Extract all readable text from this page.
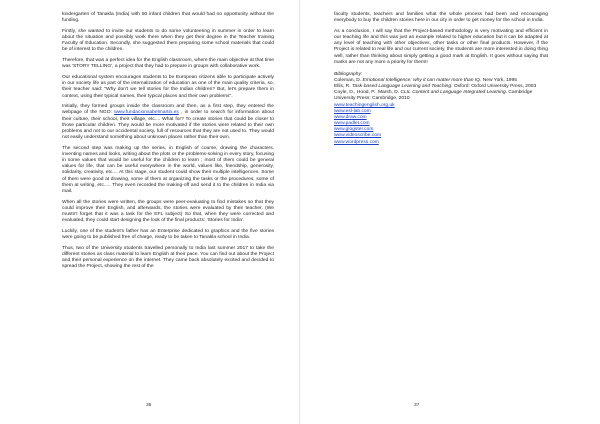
kindergarten of Tanakla (India) with 50 infant children that would had no opportunity without the funding.

Firstly, she wanted to invite our students to do some volunteering in summer in order to learn about the situation and possibly work there when they get their degree in the Teacher training Faculty of Education. Secondly, she suggested them preparing some school materials that could be of interest to the children.

Therefore, that was a perfect idea for the English classroom, where the main objective at that time was 'STORY TELLING', a project that they had to prepare in groups with collaborative work.

Our educational system encourages students to be European citizens able to participate actively in our society life as part of the internalization of education as one of the main quality criteria, so, their teacher said: "Why don't we tell stories for the Indian children? But, let's prepare them in context, using their typical names, their typical places and their own problems".

Initially, they formed groups inside the classroom and then, as a first step, they entered the webpage of the NGO: www.fundacionsabelmartin.es , in order to search for information about their culture, their school, their village, etc.... What for? To create stories that could be closer to those particular children. They would be more motivated if the stories were related to their own problems and not to our occidental society, full of resources that they are not used to. They would not easily understand something about unknown places rather than their own.

The second step was making up the series, in English of course, drawing the characters, inventing names and looks, writing about the plots or the problems-solving in every story, focusing in some values that would be useful for the children to learn ; most of them could be general values for life, that can be useful everywhere in the world, values like, friendship, generosity, solidarity, creativity, etc.... At this stage, our student could show their multiple intelligences. Some of them were good at drawing, some of them at organizing the tasks or the procedures, some of them at writing, etc..... They even recorded the making-off and send it to the children in India via mail.

When all the stories were written, the groups were peer-evaluating to find mistakes so that they could improve their English, and afterwards, the stories were evaluated by their teacher. (We mustn't forget that it was a task for the EFL subject) So that, when they were corrected and evaluated, they could start designing the look of the final products: 'Stories for India'.

Luckily, one of the student's father has an Enterprise dedicated to graphics and the five stories were going to be published free of charge, ready to be taken to Tanakla school in India.

Thus, two of the University students travelled personally to India last summer 2017 to take the different stories as class material to learn English at their pace. You can find out about the Project and their personal experience on the internet. They came back absolutely excited and decided to spread the Project, showing the rest of the

36

faculty students, teachers and families what the whole process had been and encouraging everybody to buy the children stories here in our city in order to get money for the school in India.

As a conclusion, I will say that the Project-based methodology is very motivating and efficient in our teaching life and this was just an example related to higher education but it can be adapted at any level of teaching with other objectives, other tasks or other final products. However, if the Project is related to real life and our current society, the students are more interested in doing thing well, rather than thinking about simply getting a good mark at English. It goes without saying that marks are not any more a priority for them!!

Bibliography:

Coleman, D. Emotional Intelligence: why it can matter more than IQ. New York, 1995

Ellis, R. Task-based Language Learning and Teaching. Oxford: Oxford University Press, 2003

Coyle, D., Hood, P., Marsh, D. CLIL Content and Language Integrated Learning. Cambridge University Press: Cambridge, 2010

www.teachingenglish.org.uk
www.esl-lab.com
www.draw.com
www.padlet.com
www.glogster.com
www.videoscribe.com
www.wordpress.com
37
